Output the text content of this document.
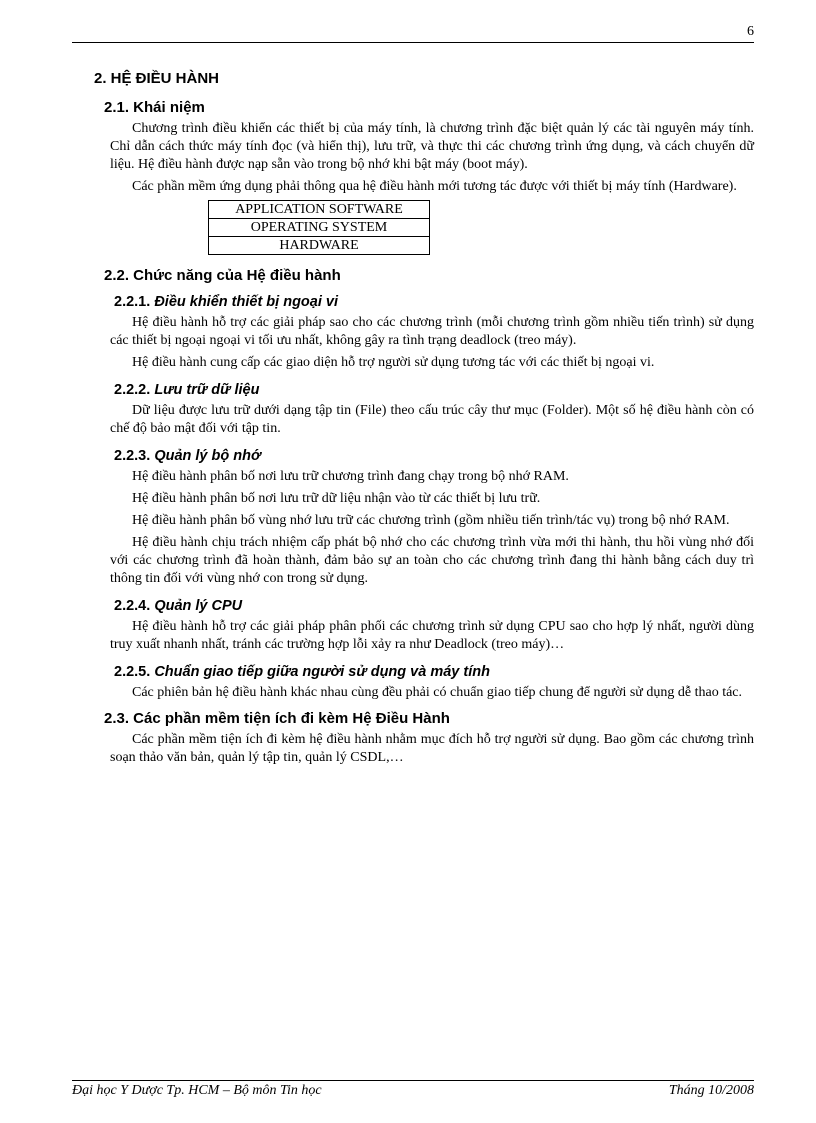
6
2. HỆ ĐIỀU HÀNH
2.1. Khái niệm

Chương trình điều khiển các thiết bị của máy tính, là chương trình đặc biệt quản lý các tài nguyên máy tính. Chỉ dẫn cách thức máy tính đọc (và hiển thị), lưu trữ, và thực thi các chương trình ứng dụng, và cách chuyển dữ liệu. Hệ điều hành được nạp sẵn vào trong bộ nhớ khi bật máy (boot máy).

Các phần mềm ứng dụng phải thông qua hệ điều hành mới tương tác được với thiết bị máy tính (Hardware).

APPLICATION SOFTWARE
OPERATING SYSTEM
HARDWARE
2.2. Chức năng của Hệ điều hành
2.2.1. Điều khiển thiết bị ngoại vi

Hệ điều hành hỗ trợ các giải pháp sao cho các chương trình (mỗi chương trình gồm nhiều tiến trình) sử dụng các thiết bị ngoại ngoại vi tối ưu nhất, không gây ra tình trạng deadlock (treo máy).

Hệ điều hành cung cấp các giao diện hỗ trợ người sử dụng tương tác với các thiết bị ngoại vi.

2.2.2. Lưu trữ dữ liệu

Dữ liệu được lưu trữ dưới dạng tập tin (File) theo cấu trúc cây thư mục (Folder). Một số hệ điều hành còn có chế độ bảo mật đối với tập tin.

2.2.3. Quản lý bộ nhớ

Hệ điều hành phân bố nơi lưu trữ chương trình đang chạy trong bộ nhớ RAM.

Hệ điều hành phân bố nơi lưu trữ dữ liệu nhận vào từ các thiết bị lưu trữ.

Hệ điều hành phân bố vùng nhớ lưu trữ các chương trình (gồm nhiều tiến trình/tác vụ) trong bộ nhớ RAM.

Hệ điều hành chịu trách nhiệm cấp phát bộ nhớ cho các chương trình vừa mới thi hành, thu hồi vùng nhớ đối với các chương trình đã hoàn thành, đảm bảo sự an toàn cho các chương trình đang thi hành bằng cách duy trì thông tin đối với vùng nhớ con trong sử dụng.

2.2.4. Quản lý CPU

Hệ điều hành hỗ trợ các giải pháp phân phối các chương trình sử dụng CPU sao cho hợp lý nhất, người dùng truy xuất nhanh nhất, tránh các trường hợp lỗi xảy ra như Deadlock (treo máy)…

2.2.5. Chuẩn giao tiếp giữa người sử dụng và máy tính

Các phiên bản hệ điều hành khác nhau cùng đều phải có chuẩn giao tiếp chung để người sử dụng dễ thao tác.

2.3. Các phần mềm tiện ích đi kèm Hệ Điều Hành

Các phần mềm tiện ích đi kèm hệ điều hành nhằm mục đích hỗ trợ người sử dụng. Bao gồm các chương trình soạn thảo văn bản, quản lý tập tin, quản lý CSDL,…

Đại học Y Dược Tp. HCM – Bộ môn Tin học	Tháng 10/2008
